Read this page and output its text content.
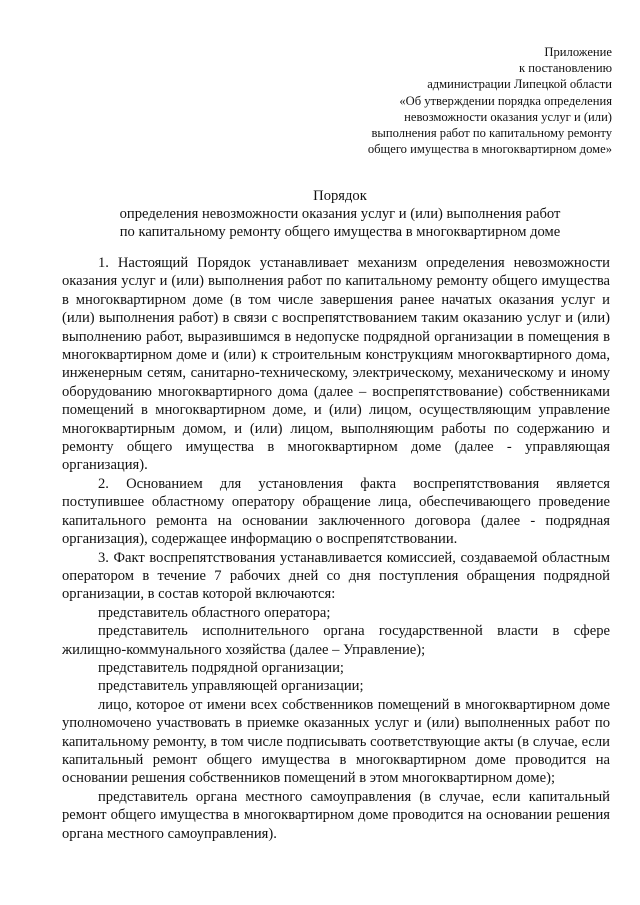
Приложение
к постановлению
администрации Липецкой области
«Об утверждении порядка определения
невозможности оказания услуг и (или)
выполнения работ по капитальному ремонту
общего имущества в многоквартирном доме»
Порядок
определения невозможности оказания услуг и (или) выполнения работ
по капитальному ремонту общего имущества в многоквартирном доме

1. Настоящий Порядок устанавливает механизм определения невозможности оказания услуг и (или) выполнения работ по капитальному ремонту общего имущества в многоквартирном доме (в том числе завершения ранее начатых оказания услуг и (или) выполнения работ) в связи с воспрепятствованием таким оказанию услуг и (или) выполнению работ, выразившимся в недопуске подрядной организации в помещения в многоквартирном доме и (или) к строительным конструкциям многоквартирного дома, инженерным сетям, санитарно-техническому, электрическому, механическому и иному оборудованию многоквартирного дома (далее – воспрепятствование) собственниками помещений в многоквартирном доме, и (или) лицом, осуществляющим управление многоквартирным домом, и (или) лицом, выполняющим работы по содержанию и ремонту общего имущества в многоквартирном доме (далее - управляющая организация).

2. Основанием для установления факта воспрепятствования является поступившее областному оператору обращение лица, обеспечивающего проведение капитального ремонта на основании заключенного договора (далее - подрядная организация), содержащее информацию о воспрепятствовании.

3. Факт воспрепятствования устанавливается комиссией, создаваемой областным оператором в течение 7 рабочих дней со дня поступления обращения подрядной организации, в состав которой включаются:

представитель областного оператора;

представитель исполнительного органа государственной власти в сфере жилищно-коммунального хозяйства (далее – Управление);

представитель подрядной организации;

представитель управляющей организации;

лицо, которое от имени всех собственников помещений в многоквартирном доме уполномочено участвовать в приемке оказанных услуг и (или) выполненных работ по капитальному ремонту, в том числе подписывать соответствующие акты (в случае, если капитальный ремонт общего имущества в многоквартирном доме проводится на основании решения собственников помещений в этом многоквартирном доме);

представитель органа местного самоуправления (в случае, если капитальный ремонт общего имущества в многоквартирном доме проводится на основании решения органа местного самоуправления).
